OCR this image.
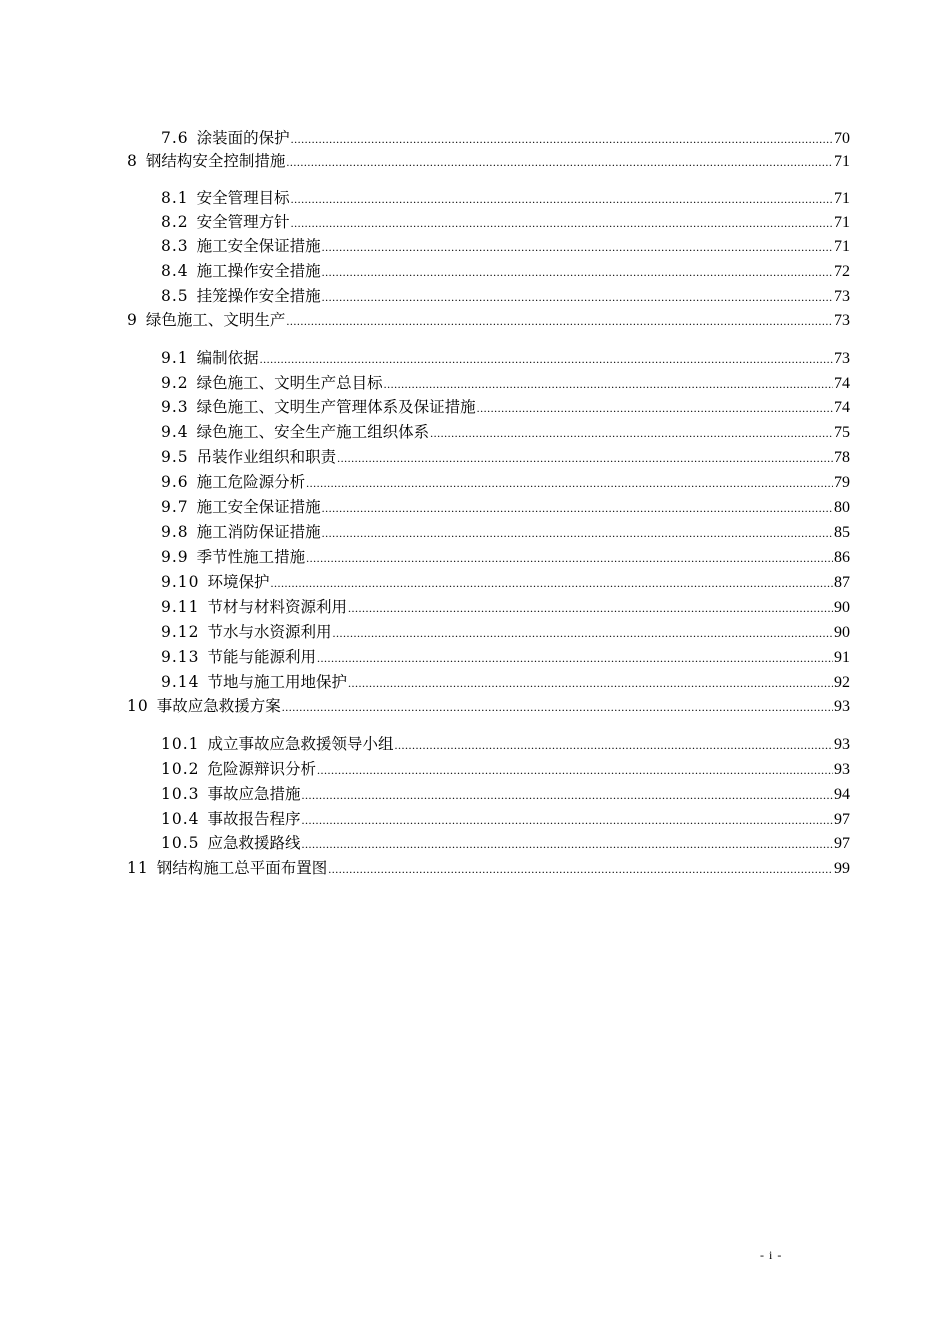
7.6 涂装面的保护 .....	70
8 钢结构安全控制措施 .....	71
8.1 安全管理目标 .....	71
8.2 安全管理方针 .....	71
8.3 施工安全保证措施 .....	71
8.4 施工操作安全措施 .....	72
8.5 挂笼操作安全措施 .....	73
9 绿色施工、文明生产 .....	73
9.1 编制依据 .....	73
9.2 绿色施工、文明生产总目标 .....	74
9.3 绿色施工、文明生产管理体系及保证措施 .....	74
9.4 绿色施工、安全生产施工组织体系 .....	75
9.5 吊装作业组织和职责 .....	78
9.6 施工危险源分析 .....	79
9.7 施工安全保证措施 .....	80
9.8 施工消防保证措施 .....	85
9.9 季节性施工措施 .....	86
9.10 环境保护 .....	87
9.11 节材与材料资源利用 .....	90
9.12 节水与水资源利用 .....	90
9.13 节能与能源利用 .....	91
9.14 节地与施工用地保护 .....	92
10 事故应急救援方案 .....	93
10.1 成立事故应急救援领导小组 .....	93
10.2 危险源辩识分析 .....	93
10.3 事故应急措施 .....	94
10.4 事故报告程序 .....	97
10.5 应急救援路线 .....	97
11 钢结构施工总平面布置图 .....	99
- i -
